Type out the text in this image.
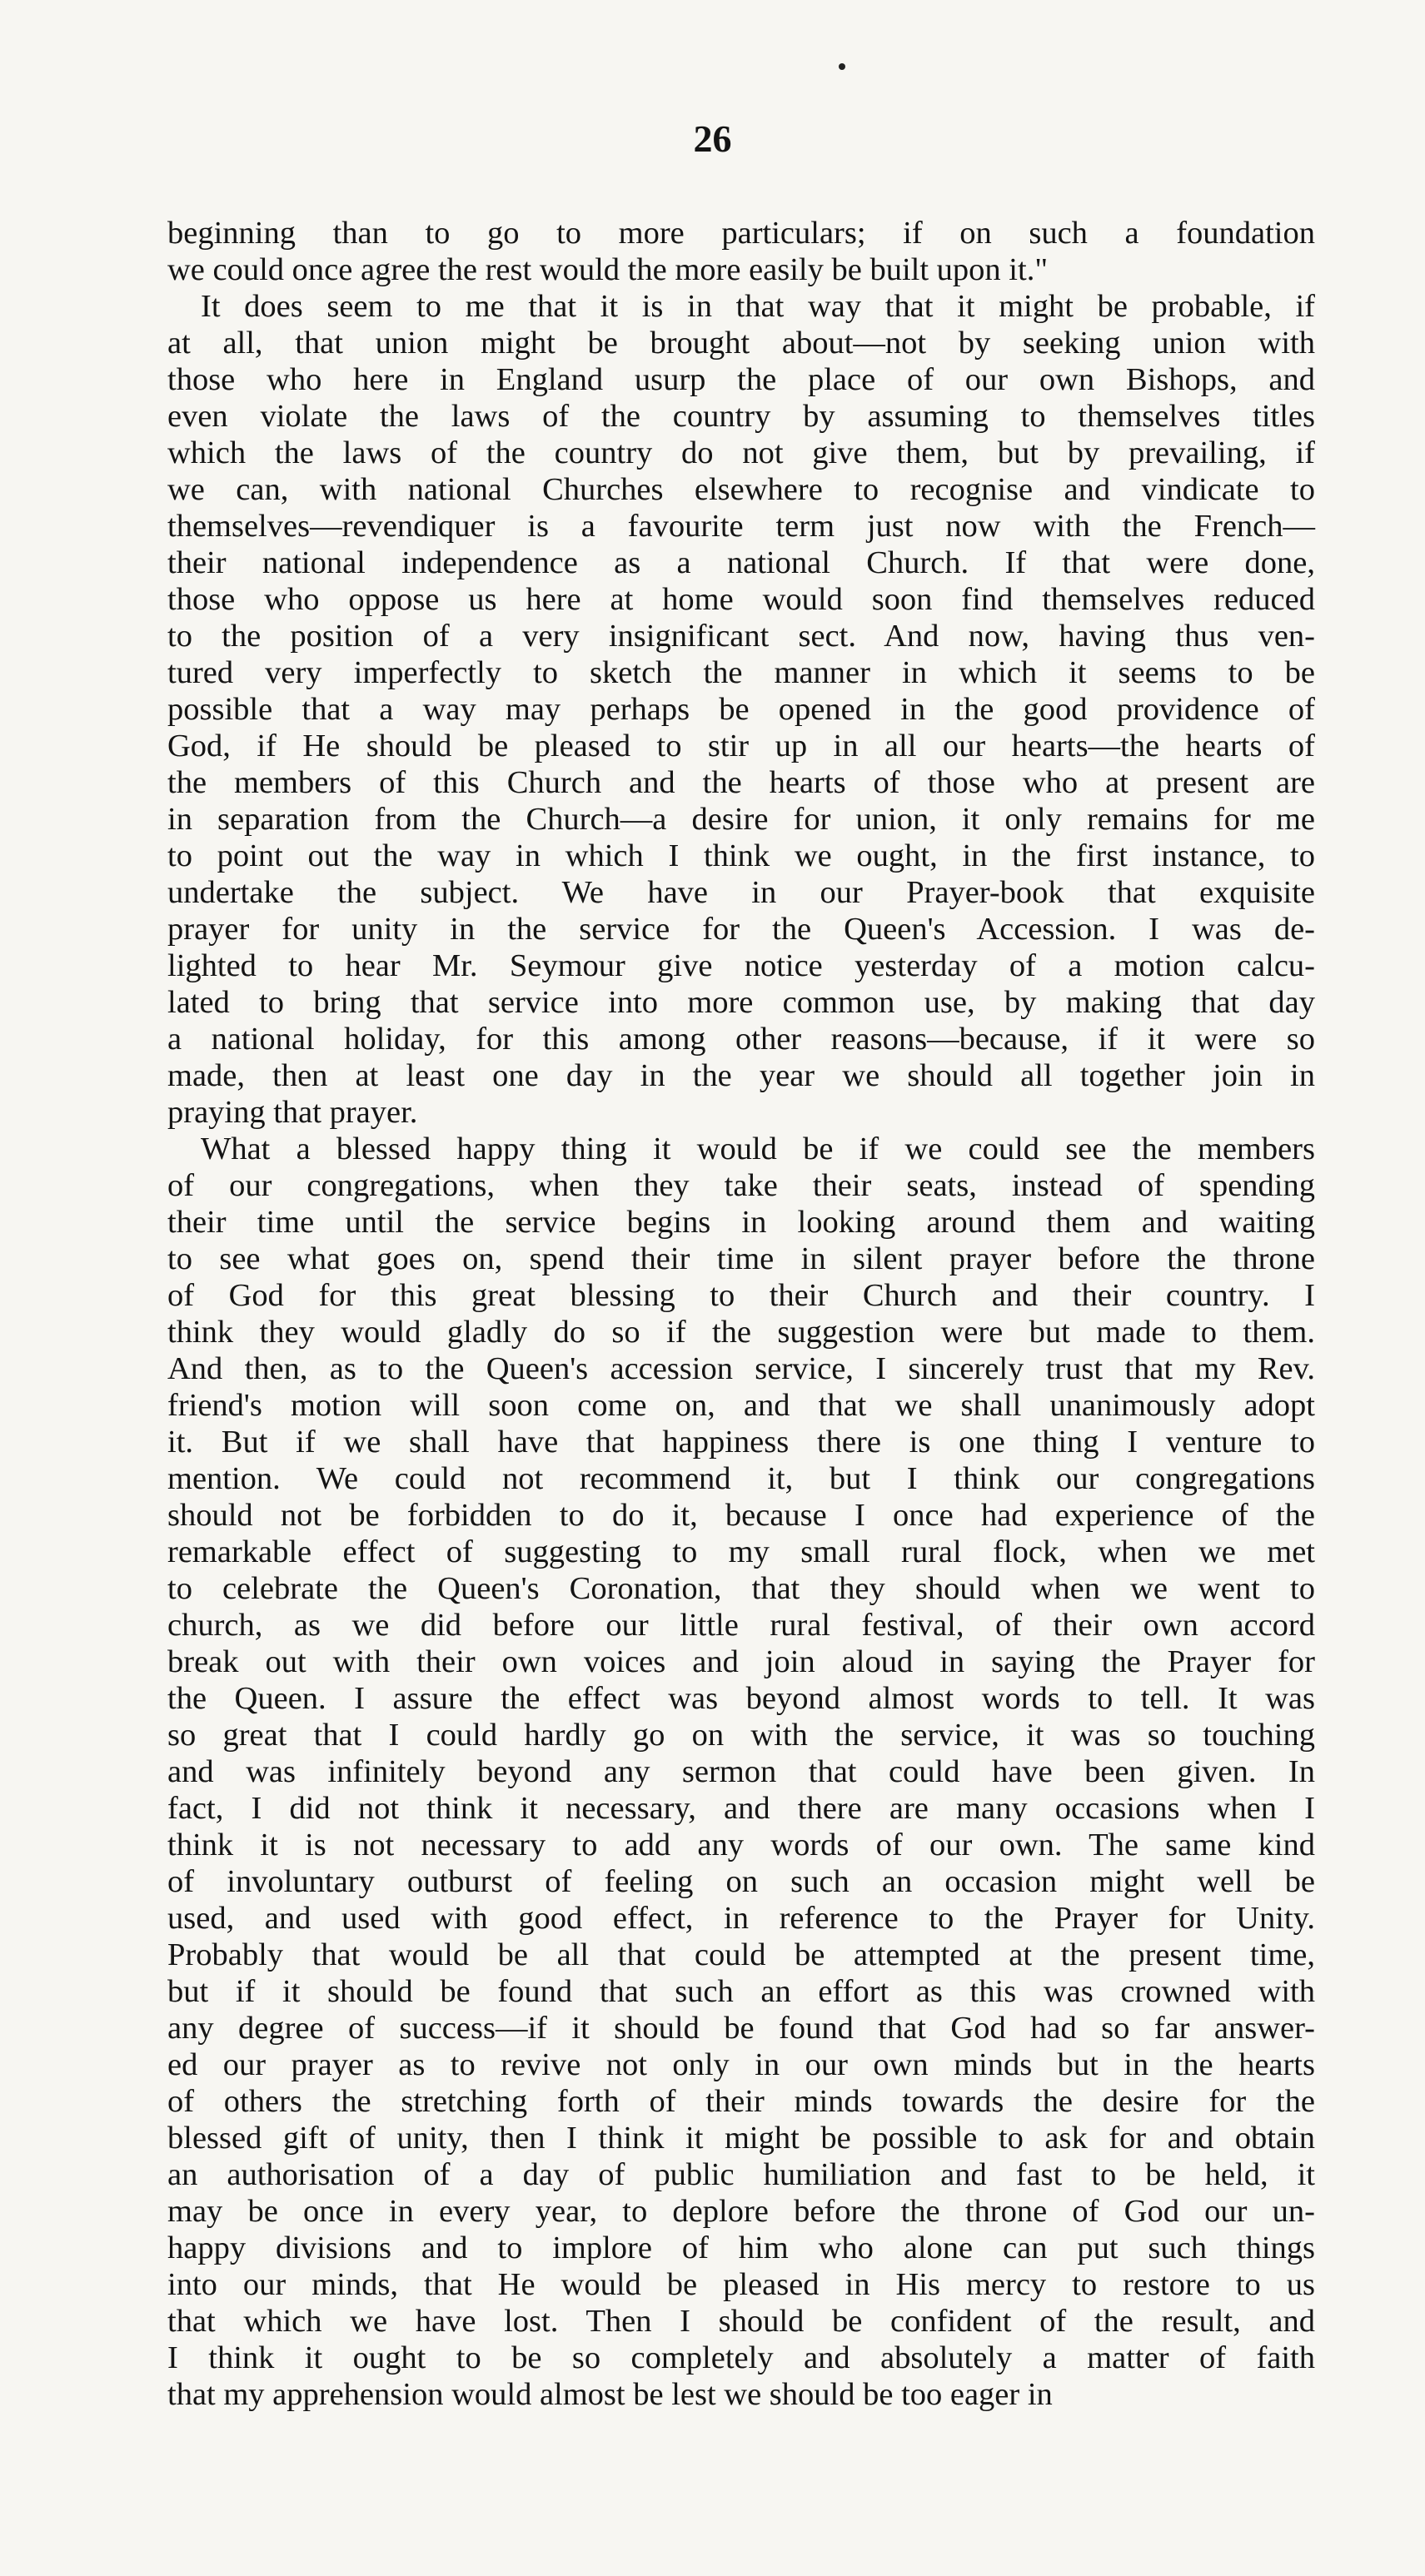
26
beginning than to go to more particulars; if on such a foundation
we could once agree the rest would the more easily be built upon it."
It does seem to me that it is in that way that it might be probable, if
at all, that union might be brought about—not by seeking union with
those who here in England usurp the place of our own Bishops, and
even violate the laws of the country by assuming to themselves titles
which the laws of the country do not give them, but by prevailing, if
we can, with national Churches elsewhere to recognise and vindicate to
themselves—revendiquer is a favourite term just now with the French—
their national independence as a national Church. If that were done,
those who oppose us here at home would soon find themselves reduced
to the position of a very insignificant sect. And now, having thus ven-
tured very imperfectly to sketch the manner in which it seems to be
possible that a way may perhaps be opened in the good providence of
God, if He should be pleased to stir up in all our hearts—the hearts of
the members of this Church and the hearts of those who at present are
in separation from the Church—a desire for union, it only remains for me
to point out the way in which I think we ought, in the first instance, to
undertake the subject. We have in our Prayer-book that exquisite
prayer for unity in the service for the Queen's Accession. I was de-
lighted to hear Mr. Seymour give notice yesterday of a motion calcu-
lated to bring that service into more common use, by making that day
a national holiday, for this among other reasons—because, if it were so
made, then at least one day in the year we should all together join in
praying that prayer.
What a blessed happy thing it would be if we could see the members
of our congregations, when they take their seats, instead of spending
their time until the service begins in looking around them and waiting
to see what goes on, spend their time in silent prayer before the throne
of God for this great blessing to their Church and their country. I
think they would gladly do so if the suggestion were but made to them.
And then, as to the Queen's accession service, I sincerely trust that my Rev.
friend's motion will soon come on, and that we shall unanimously adopt
it. But if we shall have that happiness there is one thing I venture to
mention. We could not recommend it, but I think our congregations
should not be forbidden to do it, because I once had experience of the
remarkable effect of suggesting to my small rural flock, when we met
to celebrate the Queen's Coronation, that they should when we went to
church, as we did before our little rural festival, of their own accord
break out with their own voices and join aloud in saying the Prayer for
the Queen. I assure the effect was beyond almost words to tell. It was
so great that I could hardly go on with the service, it was so touching
and was infinitely beyond any sermon that could have been given. In
fact, I did not think it necessary, and there are many occasions when I
think it is not necessary to add any words of our own. The same kind
of involuntary outburst of feeling on such an occasion might well be
used, and used with good effect, in reference to the Prayer for Unity.
Probably that would be all that could be attempted at the present time,
but if it should be found that such an effort as this was crowned with
any degree of success—if it should be found that God had so far answer-
ed our prayer as to revive not only in our own minds but in the hearts
of others the stretching forth of their minds towards the desire for the
blessed gift of unity, then I think it might be possible to ask for and obtain
an authorisation of a day of public humiliation and fast to be held, it
may be once in every year, to deplore before the throne of God our un-
happy divisions and to implore of him who alone can put such things
into our minds, that He would be pleased in His mercy to restore to us
that which we have lost. Then I should be confident of the result, and
I think it ought to be so completely and absolutely a matter of faith
that my apprehension would almost be lest we should be too eager in
